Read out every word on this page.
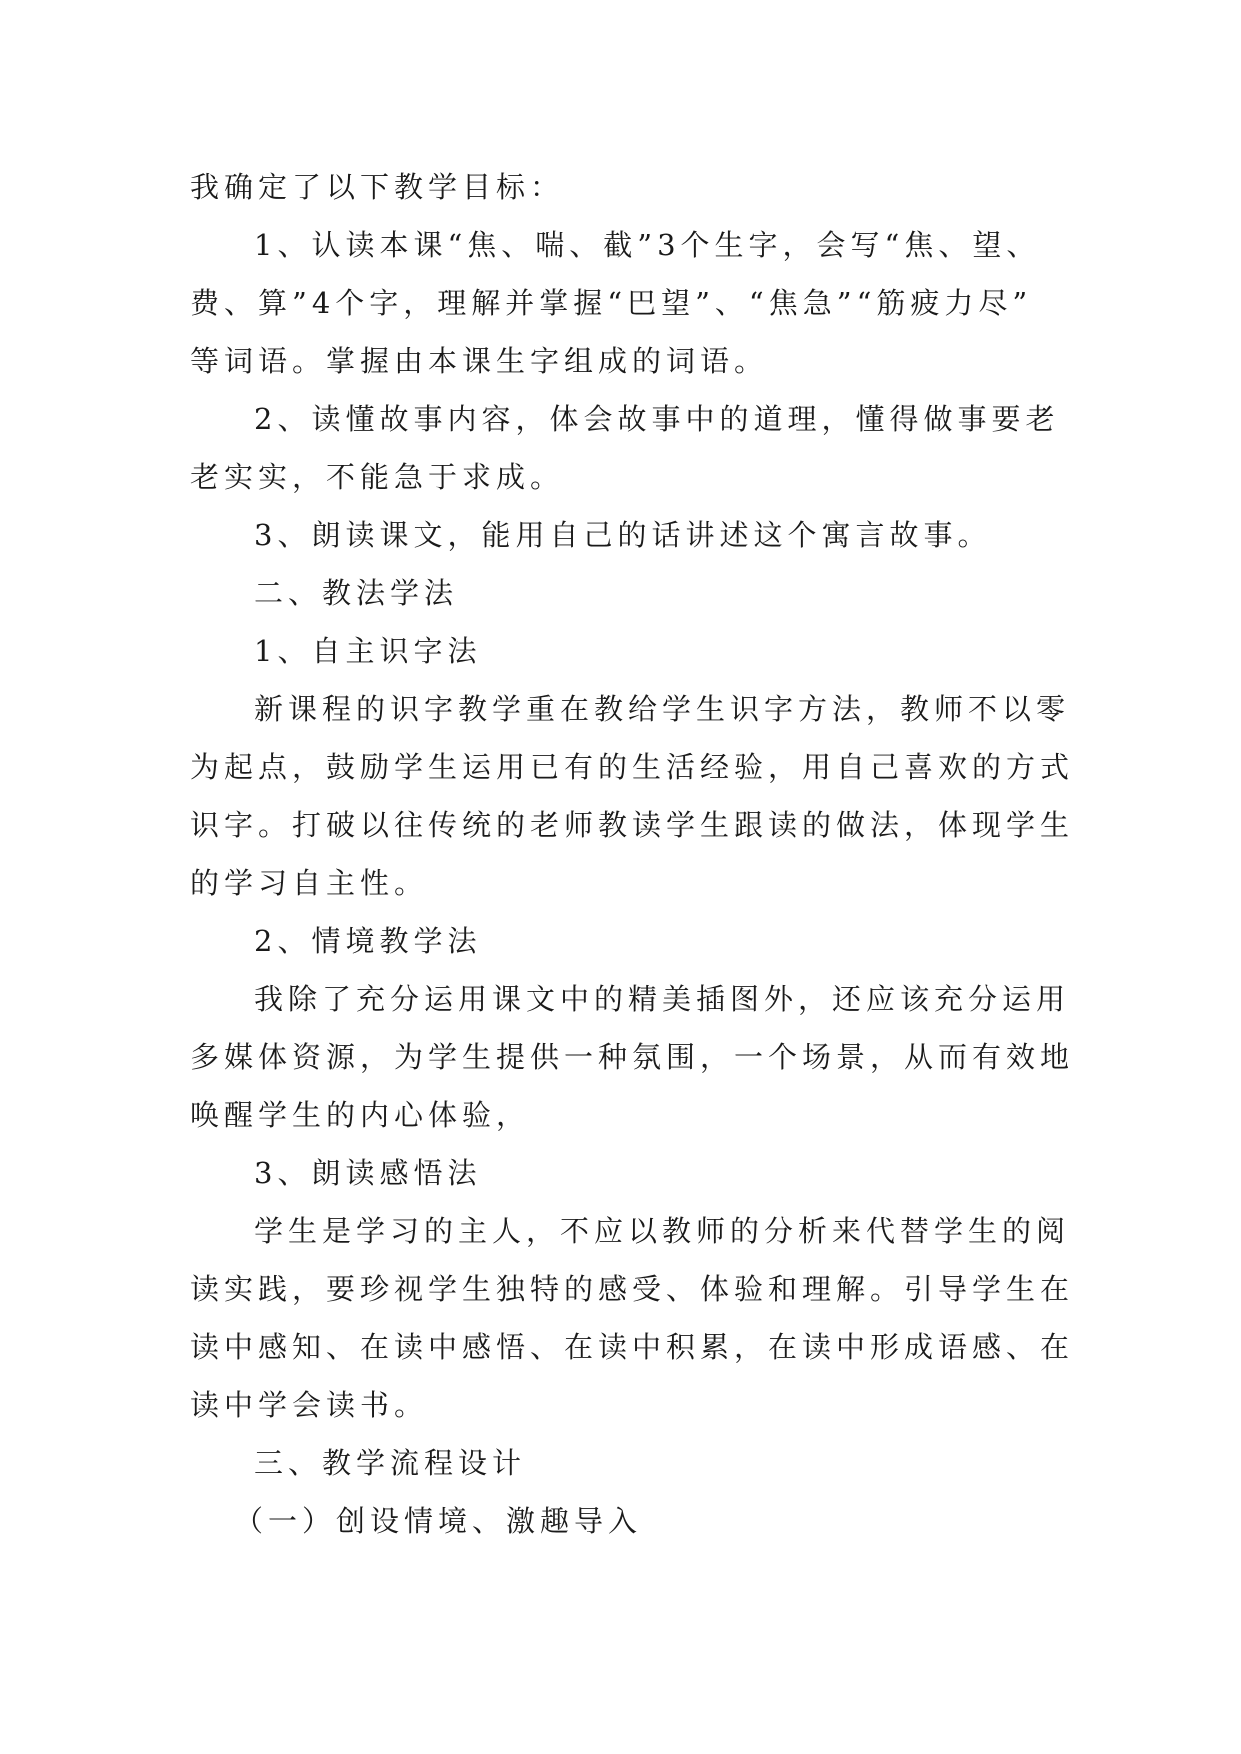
我确定了以下教学目标：
1、认读本课“焦、喘、截”3个生字，会写“焦、望、
费、算”4个字，理解并掌握“巴望”、“焦急”“筋疲力尽”
等词语。掌握由本课生字组成的词语。
2、读懂故事内容，体会故事中的道理，懂得做事要老
老实实，不能急于求成。
3、朗读课文，能用自己的话讲述这个寓言故事。
二、教法学法
1、自主识字法
新课程的识字教学重在教给学生识字方法，教师不以零
为起点，鼓励学生运用已有的生活经验，用自己喜欢的方式
识字。打破以往传统的老师教读学生跟读的做法，体现学生
的学习自主性。
2、情境教学法
我除了充分运用课文中的精美插图外，还应该充分运用
多媒体资源，为学生提供一种氛围，一个场景，从而有效地
唤醒学生的内心体验，
3、朗读感悟法
学生是学习的主人，不应以教师的分析来代替学生的阅
读实践，要珍视学生独特的感受、体验和理解。引导学生在
读中感知、在读中感悟、在读中积累，在读中形成语感、在
读中学会读书。
三、教学流程设计
（一）创设情境、激趣导入
